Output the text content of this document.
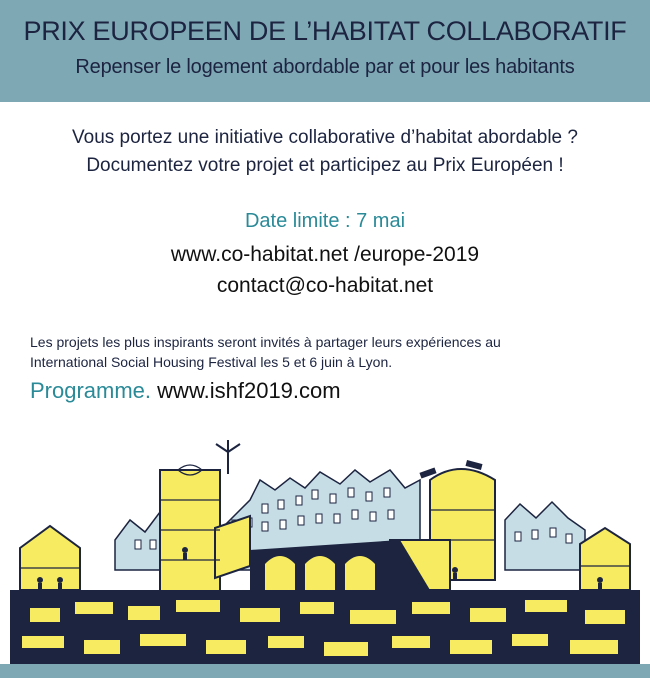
PRIX EUROPEEN DE L’HABITAT COLLABORATIF
Repenser le logement abordable par et pour les habitants
Vous portez une initiative collaborative d’habitat abordable ?
Documentez votre projet et participez au Prix Européen !
Date limite : 7 mai
www.co-habitat.net /europe-2019
contact@co-habitat.net
Les projets les plus inspirants seront invités à partager leurs expériences au
International Social Housing Festival les 5 et 6 juin à Lyon.
Programme. www.ishf2019.com
